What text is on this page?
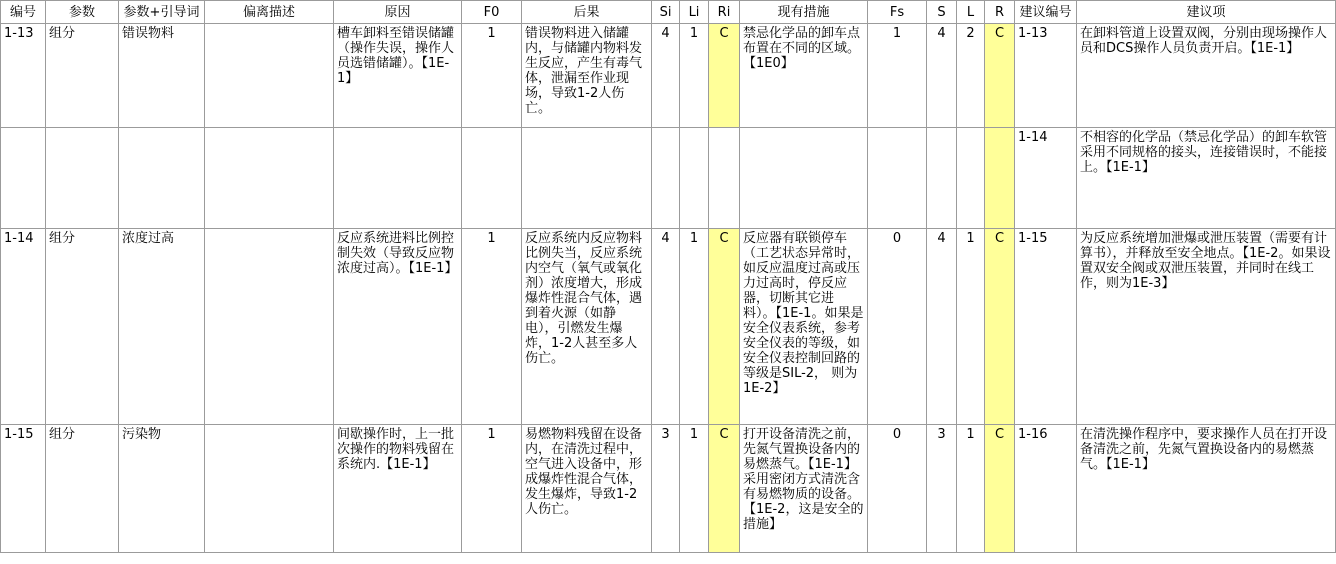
编号	参数	参数+引导词	偏离描述	原因	F0	后果	Si	Li	Ri	现有措施	Fs	S	L	R	建议编号	建议项
1-13	组分	错误物料		槽车卸料至错误储罐（操作失误，操作人员选错储罐）。【1E-1】	1	错误物料进入储罐内，与储罐内物料发生反应，产生有毒气体，泄漏至作业现场，导致1-2人伤亡。	4	1	C	禁忌化学品的卸车点布置在不同的区域。【1E0】	1	4	2	C	1-13	在卸料管道上设置双阀，分别由现场操作人员和DCS操作人员负责开启。【1E-1】
															1-14	不相容的化学品（禁忌化学品）的卸车软管采用不同规格的接头，连接错误时，不能接上。【1E-1】
1-14	组分	浓度过高		反应系统进料比例控制失效（导致反应物浓度过高）。【1E-1】	1	反应系统内反应物料比例失当，反应系统内空气（氧气或氧化剂）浓度增大，形成爆炸性混合气体，遇到着火源（如静电），引燃发生爆炸，1-2人甚至多人伤亡。	4	1	C	反应器有联锁停车（工艺状态异常时，如反应温度过高或压力过高时，停反应器，切断其它进料）。【1E-1。如果是安全仪表系统，参考安全仪表的等级，如安全仪表控制回路的等级是SIL-2， 则为1E-2】	0	4	1	C	1-15	为反应系统增加泄爆或泄压装置（需要有计算书），并释放至安全地点。【1E-2。如果设置双安全阀或双泄压装置，并同时在线工作，则为1E-3】
1-15	组分	污染物		间歇操作时，上一批次操作的物料残留在系统内.【1E-1】	1	易燃物料残留在设备内，在清洗过程中，空气进入设备中，形成爆炸性混合气体，发生爆炸，导致1-2人伤亡。	3	1	C	打开设备清洗之前，先氮气置换设备内的易燃蒸气。【1E-1】采用密闭方式清洗含有易燃物质的设备。【1E-2，这是安全的措施】	0	3	1	C	1-16	在清洗操作程序中，要求操作人员在打开设备清洗之前，先氮气置换设备内的易燃蒸气。【1E-1】
